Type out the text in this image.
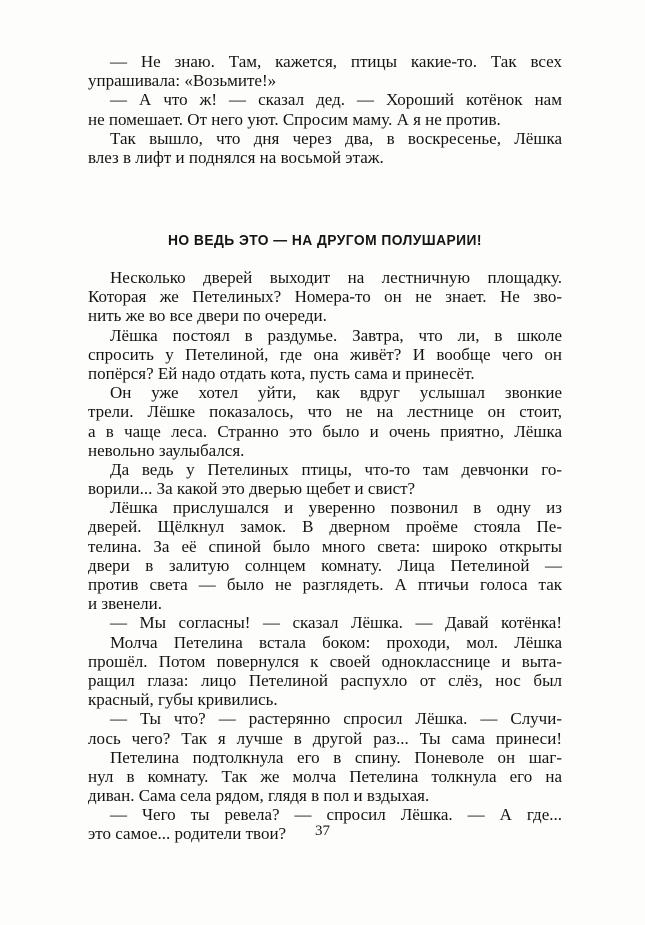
— Не знаю. Там, кажется, птицы какие-то. Так всех
упрашивала: «Возьмите!»
— А что ж! — сказал дед. — Хороший котёнок нам
не помешает. От него уют. Спросим маму. А я не против.
Так вышло, что дня через два, в воскресенье, Лёшка
влез в лифт и поднялся на восьмой этаж.
НО ВЕДЬ ЭТО — НА ДРУГОМ ПОЛУШАРИИ!
Несколько дверей выходит на лестничную площадку.
Которая же Петелиных? Номера-то он не знает. Не зво-
нить же во все двери по очереди.
Лёшка постоял в раздумье. Завтра, что ли, в школе
спросить у Петелиной, где она живёт? И вообще чего он
попёрся? Ей надо отдать кота, пусть сама и принесёт.
Он уже хотел уйти, как вдруг услышал звонкие
трели. Лёшке показалось, что не на лестнице он стоит,
а в чаще леса. Странно это было и очень приятно, Лёшка
невольно заулыбался.
Да ведь у Петелиных птицы, что-то там девчонки го-
ворили... За какой это дверью щебет и свист?
Лёшка прислушался и уверенно позвонил в одну из
дверей. Щёлкнул замок. В дверном проёме стояла Пе-
телина. За её спиной было много света: широко открыты
двери в залитую солнцем комнату. Лица Петелиной —
против света — было не разглядеть. А птичьи голоса так
и звенели.
— Мы согласны! — сказал Лёшка. — Давай котёнка!
Молча Петелина встала боком: проходи, мол. Лёшка
прошёл. Потом повернулся к своей однокласснице и выта-
ращил глаза: лицо Петелиной распухло от слёз, нос был
красный, губы кривились.
— Ты что? — растерянно спросил Лёшка. — Случи-
лось чего? Так я лучше в другой раз... Ты сама принеси!
Петелина подтолкнула его в спину. Поневоле он шаг-
нул в комнату. Так же молча Петелина толкнула его на
диван. Сама села рядом, глядя в пол и вздыхая.
— Чего ты ревела? — спросил Лёшка. — А где...
это самое... родители твои?	37
